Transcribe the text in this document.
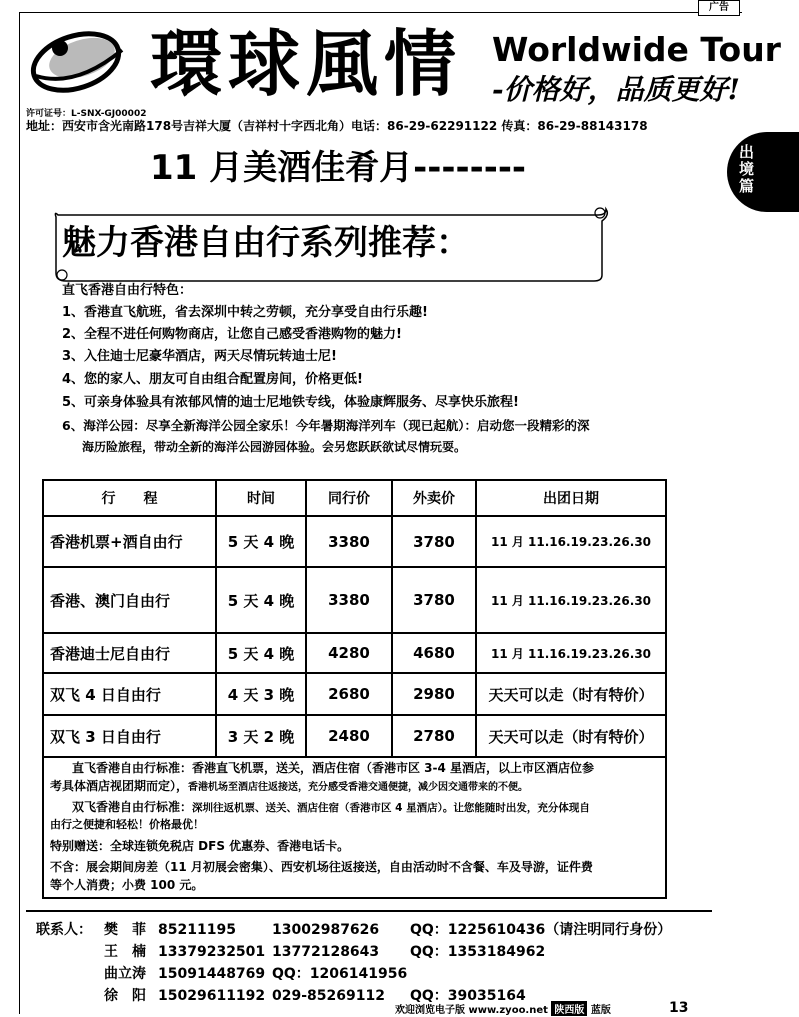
广告
環球風情 Worldwide Tour
-价格好，品质更好!
许可证号：L-SNX-GJ00002
地址：西安市含光南路178号吉祥大厦（吉祥村十字西北角）电话：86-29-62291122 传真：86-29-88143178
出境篇
11 月美酒佳肴月--------
魅力香港自由行系列推荐：
直飞香港自由行特色：
1、香港直飞航班，省去深圳中转之劳顿，充分享受自由行乐趣!
2、全程不进任何购物商店，让您自己感受香港购物的魅力!
3、入住迪士尼豪华酒店，两天尽情玩转迪士尼!
4、您的家人、朋友可自由组合配置房间，价格更低!
5、可亲身体验具有浓郁风情的迪士尼地铁专线，体验康辉服务、尽享快乐旅程!
6、海洋公园：尽享全新海洋公园全家乐！今年暑期海洋列车（现已起航）：启动您一段精彩的深
海历险旅程，带动全新的海洋公园游园体验。会另您跃跃欲试尽情玩耍。
行　　程	时间	同行价	外卖价	出团日期
香港机票+酒自由行	5 天 4 晚	3380	3780	11 月 11.16.19.23.26.30
香港、澳门自由行	5 天 4 晚	3380	3780	11 月 11.16.19.23.26.30
香港迪士尼自由行	5 天 4 晚	4280	4680	11 月 11.16.19.23.26.30
双飞 4 日自由行	4 天 3 晚	2680	2980	天天可以走（时有特价）
双飞 3 日自由行	3 天 2 晚	2480	2780	天天可以走（时有特价）
直飞香港自由行标准：香港直飞机票，送关，酒店住宿（香港市区 3-4 星酒店，以上市区酒店位参
考具体酒店视团期而定），香港机场至酒店往返接送，充分感受香港交通便捷，减少因交通带来的不便。
双飞香港自由行标准：深圳往返机票、送关、酒店住宿（香港市区 4 星酒店）。让您能随时出发，充分体现自
由行之便捷和轻松！价格最优！
特别赠送：全球连锁免税店 DFS 优惠券、香港电话卡。
不含：展会期间房差（11 月初展会密集）、西安机场往返接送，自由活动时不含餐、车及导游，证件费
等个人消费；小费 100 元。
联系人： 樊　菲 85211195	13002987626 QQ：1225610436（请注明同行身份）
王　楠 13379232501 13772128643 QQ：1353184962
曲立涛 15091448769 QQ：1206141956
徐　阳 15029611192 029-85269112 QQ：39035164
欢迎浏览电子版 www.zyoo.net 陕西版 蓝版	13
